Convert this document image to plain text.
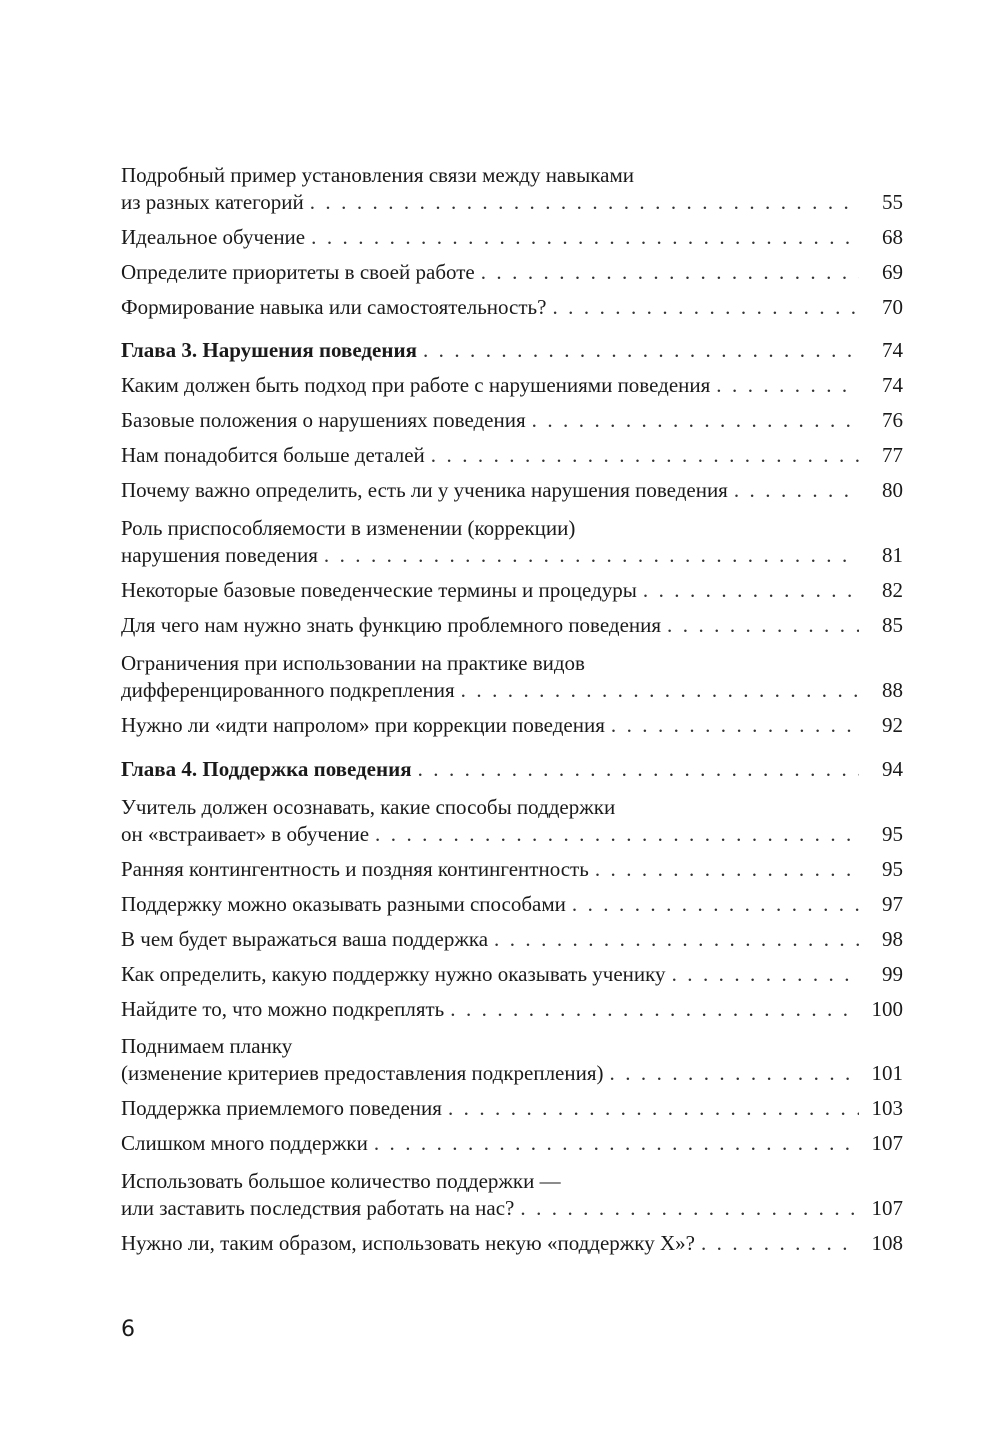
Подробный пример установления связи между навыками
из разных категорий . . .	55
Идеальное обучение . . .	68
Определите приоритеты в своей работе . . .	69
Формирование навыка или самостоятельность? . . .	70
Глава 3. Нарушения поведения . . .	74
Каким должен быть подход при работе с нарушениями поведения . . .	74
Базовые положения о нарушениях поведения . . .	76
Нам понадобится больше деталей . . .	77
Почему важно определить, есть ли у ученика нарушения поведения . . .	80
Роль приспособляемости в изменении (коррекции)
нарушения поведения . . .	81
Некоторые базовые поведенческие термины и процедуры . . .	82
Для чего нам нужно знать функцию проблемного поведения . . .	85
Ограничения при использовании на практике видов
дифференцированного подкрепления . . .	88
Нужно ли «идти напролом» при коррекции поведения . . .	92
Глава 4. Поддержка поведения . . .	94
Учитель должен осознавать, какие способы поддержки
он «встраивает» в обучение . . .	95
Ранняя контингентность и поздняя контингентность . . .	95
Поддержку можно оказывать разными способами . . .	97
В чем будет выражаться ваша поддержка . . .	98
Как определить, какую поддержку нужно оказывать ученику . . .	99
Найдите то, что можно подкреплять . . .	100
Поднимаем планку
(изменение критериев предоставления подкрепления) . . .	101
Поддержка приемлемого поведения . . .	103
Слишком много поддержки . . .	107
Использовать большое количество поддержки —
или заставить последствия работать на нас? . . .	107
Нужно ли, таким образом, использовать некую «поддержку X»? . . .	108
6
